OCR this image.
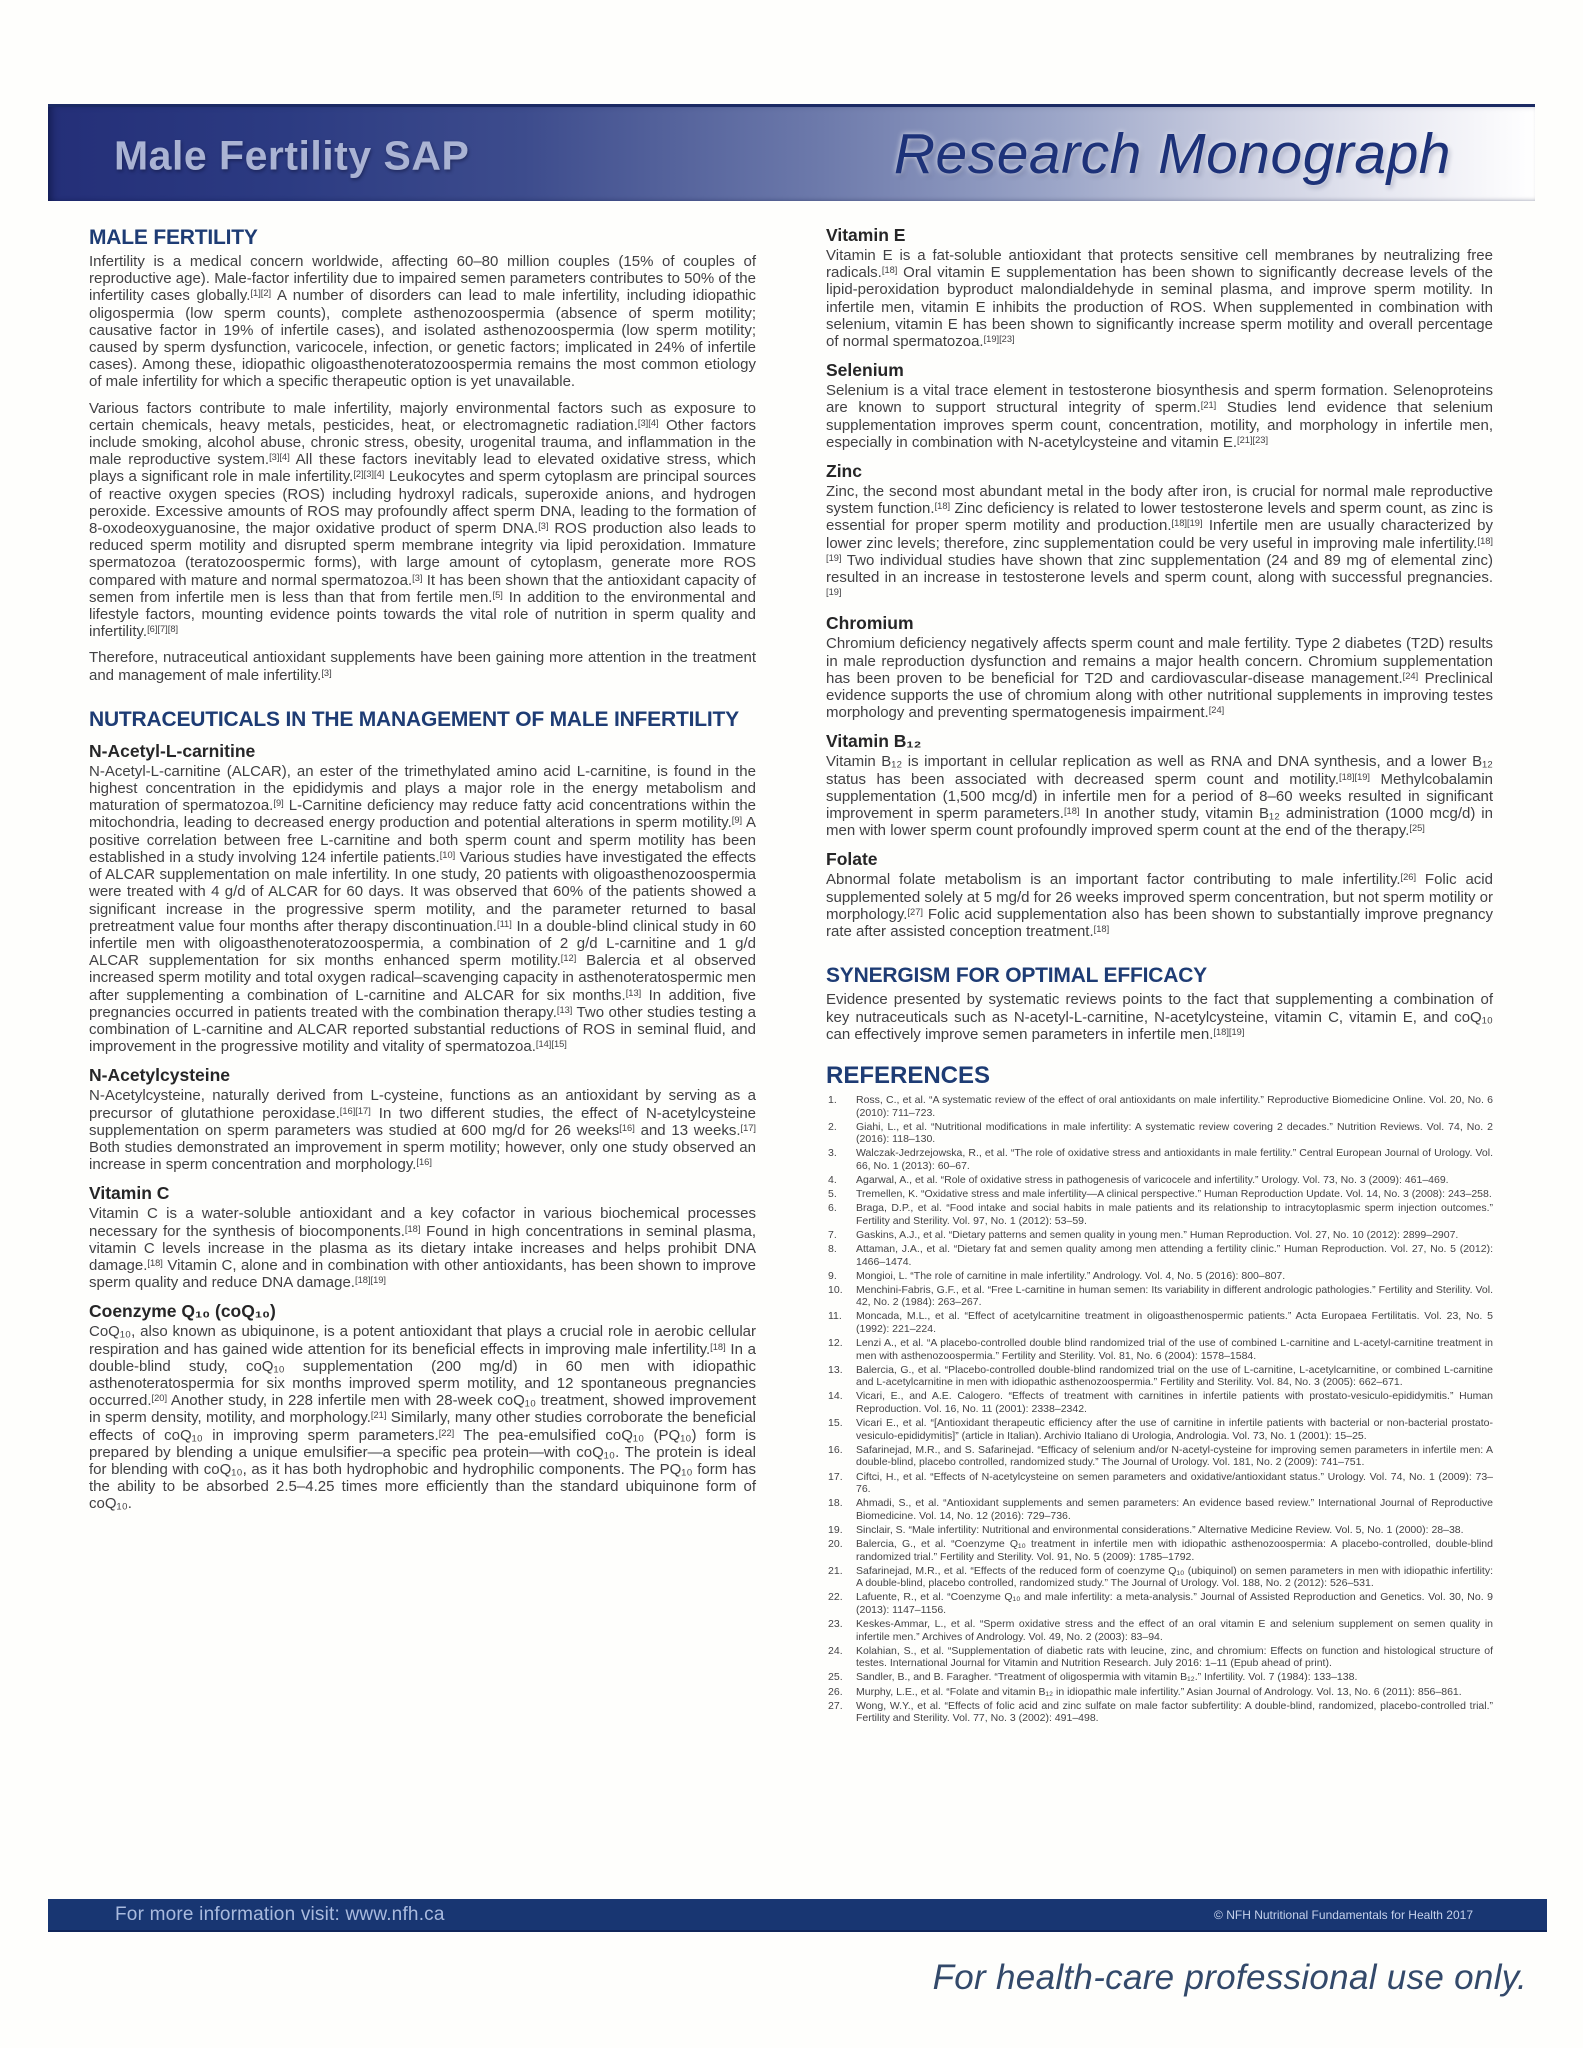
Male Fertility SAP	Research Monograph
MALE FERTILITY

Infertility is a medical concern worldwide, affecting 60–80 million couples (15% of couples of reproductive age). Male-factor infertility due to impaired semen parameters contributes to 50% of the infertility cases globally.[1][2] A number of disorders can lead to male infertility, including idiopathic oligospermia (low sperm counts), complete asthenozoospermia (absence of sperm motility; causative factor in 19% of infertile cases), and isolated asthenozoospermia (low sperm motility; caused by sperm dysfunction, varicocele, infection, or genetic factors; implicated in 24% of infertile cases). Among these, idiopathic oligoasthenoteratozoospermia remains the most common etiology of male infertility for which a specific therapeutic option is yet unavailable.

Various factors contribute to male infertility, majorly environmental factors such as exposure to certain chemicals, heavy metals, pesticides, heat, or electromagnetic radiation.[3][4] Other factors include smoking, alcohol abuse, chronic stress, obesity, urogenital trauma, and inflammation in the male reproductive system.[3][4] All these factors inevitably lead to elevated oxidative stress, which plays a significant role in male infertility.[2][3][4] Leukocytes and sperm cytoplasm are principal sources of reactive oxygen species (ROS) including hydroxyl radicals, superoxide anions, and hydrogen peroxide. Excessive amounts of ROS may profoundly affect sperm DNA, leading to the formation of 8-oxodeoxyguanosine, the major oxidative product of sperm DNA.[3] ROS production also leads to reduced sperm motility and disrupted sperm membrane integrity via lipid peroxidation. Immature spermatozoa (teratozoospermic forms), with large amount of cytoplasm, generate more ROS compared with mature and normal spermatozoa.[3] It has been shown that the antioxidant capacity of semen from infertile men is less than that from fertile men.[5] In addition to the environmental and lifestyle factors, mounting evidence points towards the vital role of nutrition in sperm quality and infertility.[6][7][8]

Therefore, nutraceutical antioxidant supplements have been gaining more attention in the treatment and management of male infertility.[3]

NUTRACEUTICALS IN THE MANAGEMENT OF MALE INFERTILITY
N-Acetyl-L-carnitine

N-Acetyl-L-carnitine (ALCAR), an ester of the trimethylated amino acid L-carnitine, is found in the highest concentration in the epididymis and plays a major role in the energy metabolism and maturation of spermatozoa.[9] L-Carnitine deficiency may reduce fatty acid concentrations within the mitochondria, leading to decreased energy production and potential alterations in sperm motility.[9] A positive correlation between free L-carnitine and both sperm count and sperm motility has been established in a study involving 124 infertile patients.[10] Various studies have investigated the effects of ALCAR supplementation on male infertility. In one study, 20 patients with oligoasthenozoospermia were treated with 4 g/d of ALCAR for 60 days. It was observed that 60% of the patients showed a significant increase in the progressive sperm motility, and the parameter returned to basal pretreatment value four months after therapy discontinuation.[11] In a double-blind clinical study in 60 infertile men with oligoasthenoteratozoospermia, a combination of 2 g/d L-carnitine and 1 g/d ALCAR supplementation for six months enhanced sperm motility.[12] Balercia et al observed increased sperm motility and total oxygen radical–scavenging capacity in asthenoteratospermic men after supplementing a combination of L-carnitine and ALCAR for six months.[13] In addition, five pregnancies occurred in patients treated with the combination therapy.[13] Two other studies testing a combination of L-carnitine and ALCAR reported substantial reductions of ROS in seminal fluid, and improvement in the progressive motility and vitality of spermatozoa.[14][15]

N-Acetylcysteine

N-Acetylcysteine, naturally derived from L-cysteine, functions as an antioxidant by serving as a precursor of glutathione peroxidase.[16][17] In two different studies, the effect of N-acetylcysteine supplementation on sperm parameters was studied at 600 mg/d for 26 weeks[16] and 13 weeks.[17] Both studies demonstrated an improvement in sperm motility; however, only one study observed an increase in sperm concentration and morphology.[16]

Vitamin C

Vitamin C is a water-soluble antioxidant and a key cofactor in various biochemical processes necessary for the synthesis of biocomponents.[18] Found in high concentrations in seminal plasma, vitamin C levels increase in the plasma as its dietary intake increases and helps prohibit DNA damage.[18] Vitamin C, alone and in combination with other antioxidants, has been shown to improve sperm quality and reduce DNA damage.[18][19]

Coenzyme Q₁₀ (coQ₁₀)

CoQ₁₀, also known as ubiquinone, is a potent antioxidant that plays a crucial role in aerobic cellular respiration and has gained wide attention for its beneficial effects in improving male infertility.[18] In a double-blind study, coQ₁₀ supplementation (200 mg/d) in 60 men with idiopathic asthenoteratospermia for six months improved sperm motility, and 12 spontaneous pregnancies occurred.[20] Another study, in 228 infertile men with 28-week coQ₁₀ treatment, showed improvement in sperm density, motility, and morphology.[21] Similarly, many other studies corroborate the beneficial effects of coQ₁₀ in improving sperm parameters.[22] The pea-emulsified coQ₁₀ (PQ₁₀) form is prepared by blending a unique emulsifier—a specific pea protein—with coQ₁₀. The protein is ideal for blending with coQ₁₀, as it has both hydrophobic and hydrophilic components. The PQ₁₀ form has the ability to be absorbed 2.5–4.25 times more efficiently than the standard ubiquinone form of coQ₁₀.

Vitamin E

Vitamin E is a fat-soluble antioxidant that protects sensitive cell membranes by neutralizing free radicals.[18] Oral vitamin E supplementation has been shown to significantly decrease levels of the lipid-peroxidation byproduct malondialdehyde in seminal plasma, and improve sperm motility. In infertile men, vitamin E inhibits the production of ROS. When supplemented in combination with selenium, vitamin E has been shown to significantly increase sperm motility and overall percentage of normal spermatozoa.[19][23]

Selenium

Selenium is a vital trace element in testosterone biosynthesis and sperm formation. Selenoproteins are known to support structural integrity of sperm.[21] Studies lend evidence that selenium supplementation improves sperm count, concentration, motility, and morphology in infertile men, especially in combination with N-acetylcysteine and vitamin E.[21][23]

Zinc

Zinc, the second most abundant metal in the body after iron, is crucial for normal male reproductive system function.[18] Zinc deficiency is related to lower testosterone levels and sperm count, as zinc is essential for proper sperm motility and production.[18][19] Infertile men are usually characterized by lower zinc levels; therefore, zinc supplementation could be very useful in improving male infertility.[18][19] Two individual studies have shown that zinc supplementation (24 and 89 mg of elemental zinc) resulted in an increase in testosterone levels and sperm count, along with successful pregnancies.[19]

Chromium

Chromium deficiency negatively affects sperm count and male fertility. Type 2 diabetes (T2D) results in male reproduction dysfunction and remains a major health concern. Chromium supplementation has been proven to be beneficial for T2D and cardiovascular-disease management.[24] Preclinical evidence supports the use of chromium along with other nutritional supplements in improving testes morphology and preventing spermatogenesis impairment.[24]

Vitamin B₁₂

Vitamin B₁₂ is important in cellular replication as well as RNA and DNA synthesis, and a lower B₁₂ status has been associated with decreased sperm count and motility.[18][19] Methylcobalamin supplementation (1,500 mcg/d) in infertile men for a period of 8–60 weeks resulted in significant improvement in sperm parameters.[18] In another study, vitamin B₁₂ administration (1000 mcg/d) in men with lower sperm count profoundly improved sperm count at the end of the therapy.[25]

Folate

Abnormal folate metabolism is an important factor contributing to male infertility.[26] Folic acid supplemented solely at 5 mg/d for 26 weeks improved sperm concentration, but not sperm motility or morphology.[27] Folic acid supplementation also has been shown to substantially improve pregnancy rate after assisted conception treatment.[18]

SYNERGISM FOR OPTIMAL EFFICACY

Evidence presented by systematic reviews points to the fact that supplementing a combination of key nutraceuticals such as N-acetyl-L-carnitine, N-acetylcysteine, vitamin C, vitamin E, and coQ₁₀ can effectively improve semen parameters in infertile men.[18][19]

REFERENCES
Ross, C., et al. “A systematic review of the effect of oral antioxidants on male infertility.” Reproductive Biomedicine Online. Vol. 20, No. 6 (2010): 711–723.
Giahi, L., et al. “Nutritional modifications in male infertility: A systematic review covering 2 decades.” Nutrition Reviews. Vol. 74, No. 2 (2016): 118–130.
Walczak-Jedrzejowska, R., et al. “The role of oxidative stress and antioxidants in male fertility.” Central European Journal of Urology. Vol. 66, No. 1 (2013): 60–67.
Agarwal, A., et al. “Role of oxidative stress in pathogenesis of varicocele and infertility.” Urology. Vol. 73, No. 3 (2009): 461–469.
Tremellen, K. “Oxidative stress and male infertility—A clinical perspective.” Human Reproduction Update. Vol. 14, No. 3 (2008): 243–258.
Braga, D.P., et al. “Food intake and social habits in male patients and its relationship to intracytoplasmic sperm injection outcomes.” Fertility and Sterility. Vol. 97, No. 1 (2012): 53–59.
Gaskins, A.J., et al. “Dietary patterns and semen quality in young men.” Human Reproduction. Vol. 27, No. 10 (2012): 2899–2907.
Attaman, J.A., et al. “Dietary fat and semen quality among men attending a fertility clinic.” Human Reproduction. Vol. 27, No. 5 (2012): 1466–1474.
Mongioi, L. “The role of carnitine in male infertility.” Andrology. Vol. 4, No. 5 (2016): 800–807.
Menchini-Fabris, G.F., et al. “Free L-carnitine in human semen: Its variability in different andrologic pathologies.” Fertility and Sterility. Vol. 42, No. 2 (1984): 263–267.
Moncada, M.L., et al. “Effect of acetylcarnitine treatment in oligoasthenospermic patients.” Acta Europaea Fertilitatis. Vol. 23, No. 5 (1992): 221–224.
Lenzi A., et al. “A placebo-controlled double blind randomized trial of the use of combined L-carnitine and L-acetyl-carnitine treatment in men with asthenozoospermia.” Fertility and Sterility. Vol. 81, No. 6 (2004): 1578–1584.
Balercia, G., et al. “Placebo-controlled double-blind randomized trial on the use of L-carnitine, L-acetylcarnitine, or combined L-carnitine and L-acetylcarnitine in men with idiopathic asthenozoospermia.” Fertility and Sterility. Vol. 84, No. 3 (2005): 662–671.
Vicari, E., and A.E. Calogero. “Effects of treatment with carnitines in infertile patients with prostato-vesiculo-epididymitis.” Human Reproduction. Vol. 16, No. 11 (2001): 2338–2342.
Vicari E., et al. “[Antioxidant therapeutic efficiency after the use of carnitine in infertile patients with bacterial or non-bacterial prostato-vesiculo-epididymitis]” (article in Italian). Archivio Italiano di Urologia, Andrologia. Vol. 73, No. 1 (2001): 15–25.
Safarinejad, M.R., and S. Safarinejad. “Efficacy of selenium and/or N-acetyl-cysteine for improving semen parameters in infertile men: A double-blind, placebo controlled, randomized study.” The Journal of Urology. Vol. 181, No. 2 (2009): 741–751.
Ciftci, H., et al. “Effects of N-acetylcysteine on semen parameters and oxidative/antioxidant status.” Urology. Vol. 74, No. 1 (2009): 73–76.
Ahmadi, S., et al. “Antioxidant supplements and semen parameters: An evidence based review.” International Journal of Reproductive Biomedicine. Vol. 14, No. 12 (2016): 729–736.
Sinclair, S. “Male infertility: Nutritional and environmental considerations.” Alternative Medicine Review. Vol. 5, No. 1 (2000): 28–38.
Balercia, G., et al. “Coenzyme Q₁₀ treatment in infertile men with idiopathic asthenozoospermia: A placebo-controlled, double-blind randomized trial.” Fertility and Sterility. Vol. 91, No. 5 (2009): 1785–1792.
Safarinejad, M.R., et al. “Effects of the reduced form of coenzyme Q₁₀ (ubiquinol) on semen parameters in men with idiopathic infertility: A double-blind, placebo controlled, randomized study.” The Journal of Urology. Vol. 188, No. 2 (2012): 526–531.
Lafuente, R., et al. “Coenzyme Q₁₀ and male infertility: a meta-analysis.” Journal of Assisted Reproduction and Genetics. Vol. 30, No. 9 (2013): 1147–1156.
Keskes-Ammar, L., et al. “Sperm oxidative stress and the effect of an oral vitamin E and selenium supplement on semen quality in infertile men.” Archives of Andrology. Vol. 49, No. 2 (2003): 83–94.
Kolahian, S., et al. “Supplementation of diabetic rats with leucine, zinc, and chromium: Effects on function and histological structure of testes. International Journal for Vitamin and Nutrition Research. July 2016: 1–11 (Epub ahead of print).
Sandler, B., and B. Faragher. “Treatment of oligospermia with vitamin B₁₂.” Infertility. Vol. 7 (1984): 133–138.
Murphy, L.E., et al. “Folate and vitamin B₁₂ in idiopathic male infertility.” Asian Journal of Andrology. Vol. 13, No. 6 (2011): 856–861.
Wong, W.Y., et al. “Effects of folic acid and zinc sulfate on male factor subfertility: A double-blind, randomized, placebo-controlled trial.” Fertility and Sterility. Vol. 77, No. 3 (2002): 491–498.
For more information visit: www.nfh.ca	© NFH Nutritional Fundamentals for Health 2017
For health-care professional use only.
